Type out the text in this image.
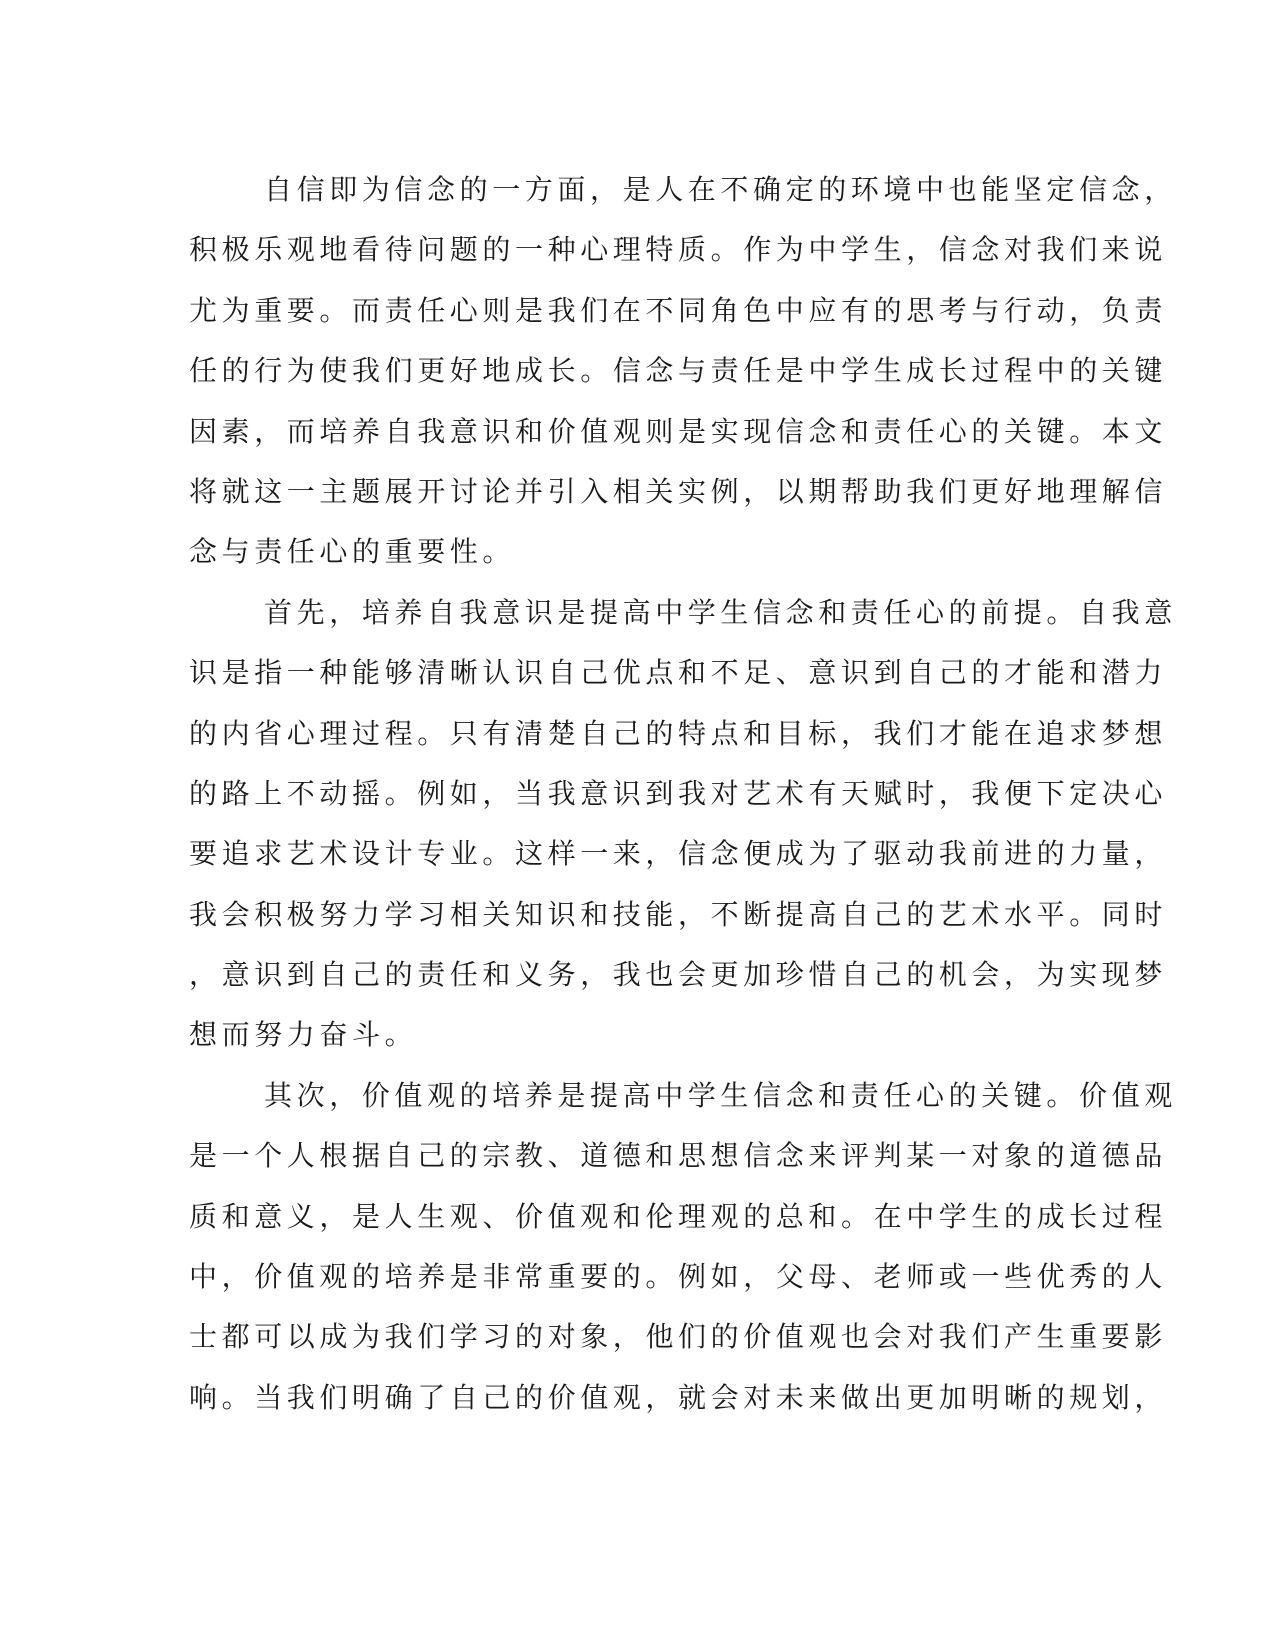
自信即为信念的一方面，是人在不确定的环境中也能坚定信念，
积极乐观地看待问题的一种心理特质。作为中学生，信念对我们来说
尤为重要。而责任心则是我们在不同角色中应有的思考与行动，负责
任的行为使我们更好地成长。信念与责任是中学生成长过程中的关键
因素，而培养自我意识和价值观则是实现信念和责任心的关键。本文
将就这一主题展开讨论并引入相关实例，以期帮助我们更好地理解信
念与责任心的重要性。
首先，培养自我意识是提高中学生信念和责任心的前提。自我意
识是指一种能够清晰认识自己优点和不足、意识到自己的才能和潜力
的内省心理过程。只有清楚自己的特点和目标，我们才能在追求梦想
的路上不动摇。例如，当我意识到我对艺术有天赋时，我便下定决心
要追求艺术设计专业。这样一来，信念便成为了驱动我前进的力量，
我会积极努力学习相关知识和技能，不断提高自己的艺术水平。同时
，意识到自己的责任和义务，我也会更加珍惜自己的机会，为实现梦
想而努力奋斗。
其次，价值观的培养是提高中学生信念和责任心的关键。价值观
是一个人根据自己的宗教、道德和思想信念来评判某一对象的道德品
质和意义，是人生观、价值观和伦理观的总和。在中学生的成长过程
中，价值观的培养是非常重要的。例如，父母、老师或一些优秀的人
士都可以成为我们学习的对象，他们的价值观也会对我们产生重要影
响。当我们明确了自己的价值观，就会对未来做出更加明晰的规划，
